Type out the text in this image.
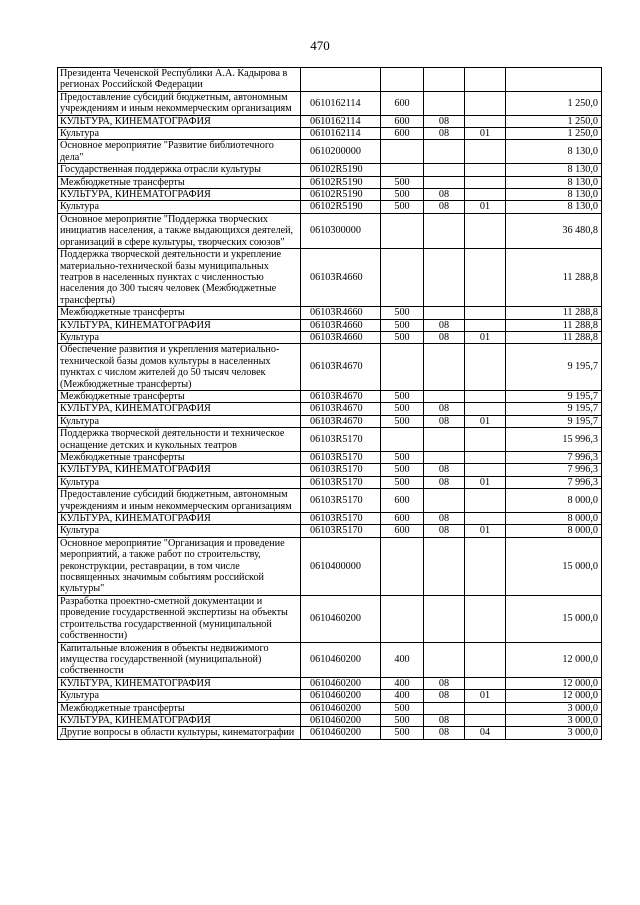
470
Президента Чеченской Республики А.А. Кадырова в регионах Российской Федерации					
Предоставление субсидий бюджетным, автономным учреждениям и иным некоммерческим организациям	0610162114	600			1 250,0
КУЛЬТУРА, КИНЕМАТОГРАФИЯ	0610162114	600	08		1 250,0
Культура	0610162114	600	08	01	1 250,0
Основное мероприятие "Развитие библиотечного дела"	0610200000				8 130,0
Государственная поддержка отрасли культуры	06102R5190				8 130,0
Межбюджетные трансферты	06102R5190	500			8 130,0
КУЛЬТУРА, КИНЕМАТОГРАФИЯ	06102R5190	500	08		8 130,0
Культура	06102R5190	500	08	01	8 130,0
Основное мероприятие "Поддержка творческих инициатив населения, а также выдающихся деятелей, организаций в сфере культуры, творческих союзов"	0610300000				36 480,8
Поддержка творческой деятельности и укрепление материально-технической базы муниципальных театров в населенных пунктах с численностью населения до 300 тысяч человек (Межбюджетные трансферты)	06103R4660				11 288,8
Межбюджетные трансферты	06103R4660	500			11 288,8
КУЛЬТУРА, КИНЕМАТОГРАФИЯ	06103R4660	500	08		11 288,8
Культура	06103R4660	500	08	01	11 288,8
Обеспечение развития и укрепления материально-технической базы домов культуры в населенных пунктах с числом жителей до 50 тысяч человек (Межбюджетные трансферты)	06103R4670				9 195,7
Межбюджетные трансферты	06103R4670	500			9 195,7
КУЛЬТУРА, КИНЕМАТОГРАФИЯ	06103R4670	500	08		9 195,7
Культура	06103R4670	500	08	01	9 195,7
Поддержка творческой деятельности и техническое оснащение детских и кукольных театров	06103R5170				15 996,3
Межбюджетные трансферты	06103R5170	500			7 996,3
КУЛЬТУРА, КИНЕМАТОГРАФИЯ	06103R5170	500	08		7 996,3
Культура	06103R5170	500	08	01	7 996,3
Предоставление субсидий бюджетным, автономным учреждениям и иным некоммерческим организациям	06103R5170	600			8 000,0
КУЛЬТУРА, КИНЕМАТОГРАФИЯ	06103R5170	600	08		8 000,0
Культура	06103R5170	600	08	01	8 000,0
Основное мероприятие "Организация и проведение мероприятий, а также работ по строительству, реконструкции, реставрации, в том числе посвященных значимым событиям российской культуры"	0610400000				15 000,0
Разработка проектно-сметной документации и проведение государственной экспертизы на объекты строительства государственной (муниципальной собственности)	0610460200				15 000,0
Капитальные вложения в объекты недвижимого имущества государственной (муниципальной) собственности	0610460200	400			12 000,0
КУЛЬТУРА, КИНЕМАТОГРАФИЯ	0610460200	400	08		12 000,0
Культура	0610460200	400	08	01	12 000,0
Межбюджетные трансферты	0610460200	500			3 000,0
КУЛЬТУРА, КИНЕМАТОГРАФИЯ	0610460200	500	08		3 000,0
Другие вопросы в области культуры, кинематографии	0610460200	500	08	04	3 000,0
